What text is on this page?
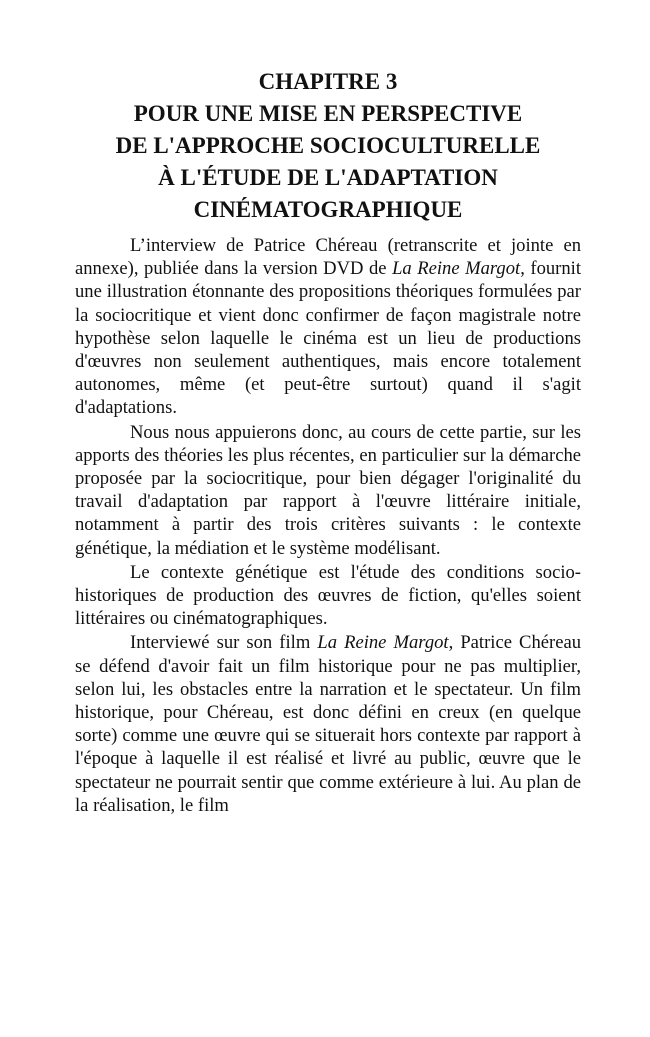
CHAPITRE 3
POUR UNE MISE EN PERSPECTIVE
DE L'APPROCHE SOCIOCULTURELLE
À L'ÉTUDE DE L'ADAPTATION
CINÉMATOGRAPHIQUE

L’interview de Patrice Chéreau (retranscrite et jointe en annexe), publiée dans la version DVD de La Reine Margot, fournit une illustration étonnante des propositions théoriques formulées par la sociocritique et vient donc confirmer de façon magistrale notre hypothèse selon laquelle le cinéma est un lieu de productions d'œuvres non seulement authentiques, mais encore totalement autonomes, même (et peut-être surtout) quand il s'agit d'adaptations.

Nous nous appuierons donc, au cours de cette partie, sur les apports des théories les plus récentes, en particulier sur la démarche proposée par la sociocritique, pour bien dégager l'originalité du travail d'adaptation par rapport à l'œuvre littéraire initiale, notamment à partir des trois critères suivants : le contexte génétique, la médiation et le système modélisant.

Le contexte génétique est l'étude des conditions socio-historiques de production des œuvres de fiction, qu'elles soient littéraires ou cinématographiques.

Interviewé sur son film La Reine Margot, Patrice Chéreau se défend d'avoir fait un film historique pour ne pas multiplier, selon lui, les obstacles entre la narration et le spectateur. Un film historique, pour Chéreau, est donc défini en creux (en quelque sorte) comme une œuvre qui se situerait hors contexte par rapport à l'époque à laquelle il est réalisé et livré au public, œuvre que le spectateur ne pourrait sentir que comme extérieure à lui. Au plan de la réalisation, le film
